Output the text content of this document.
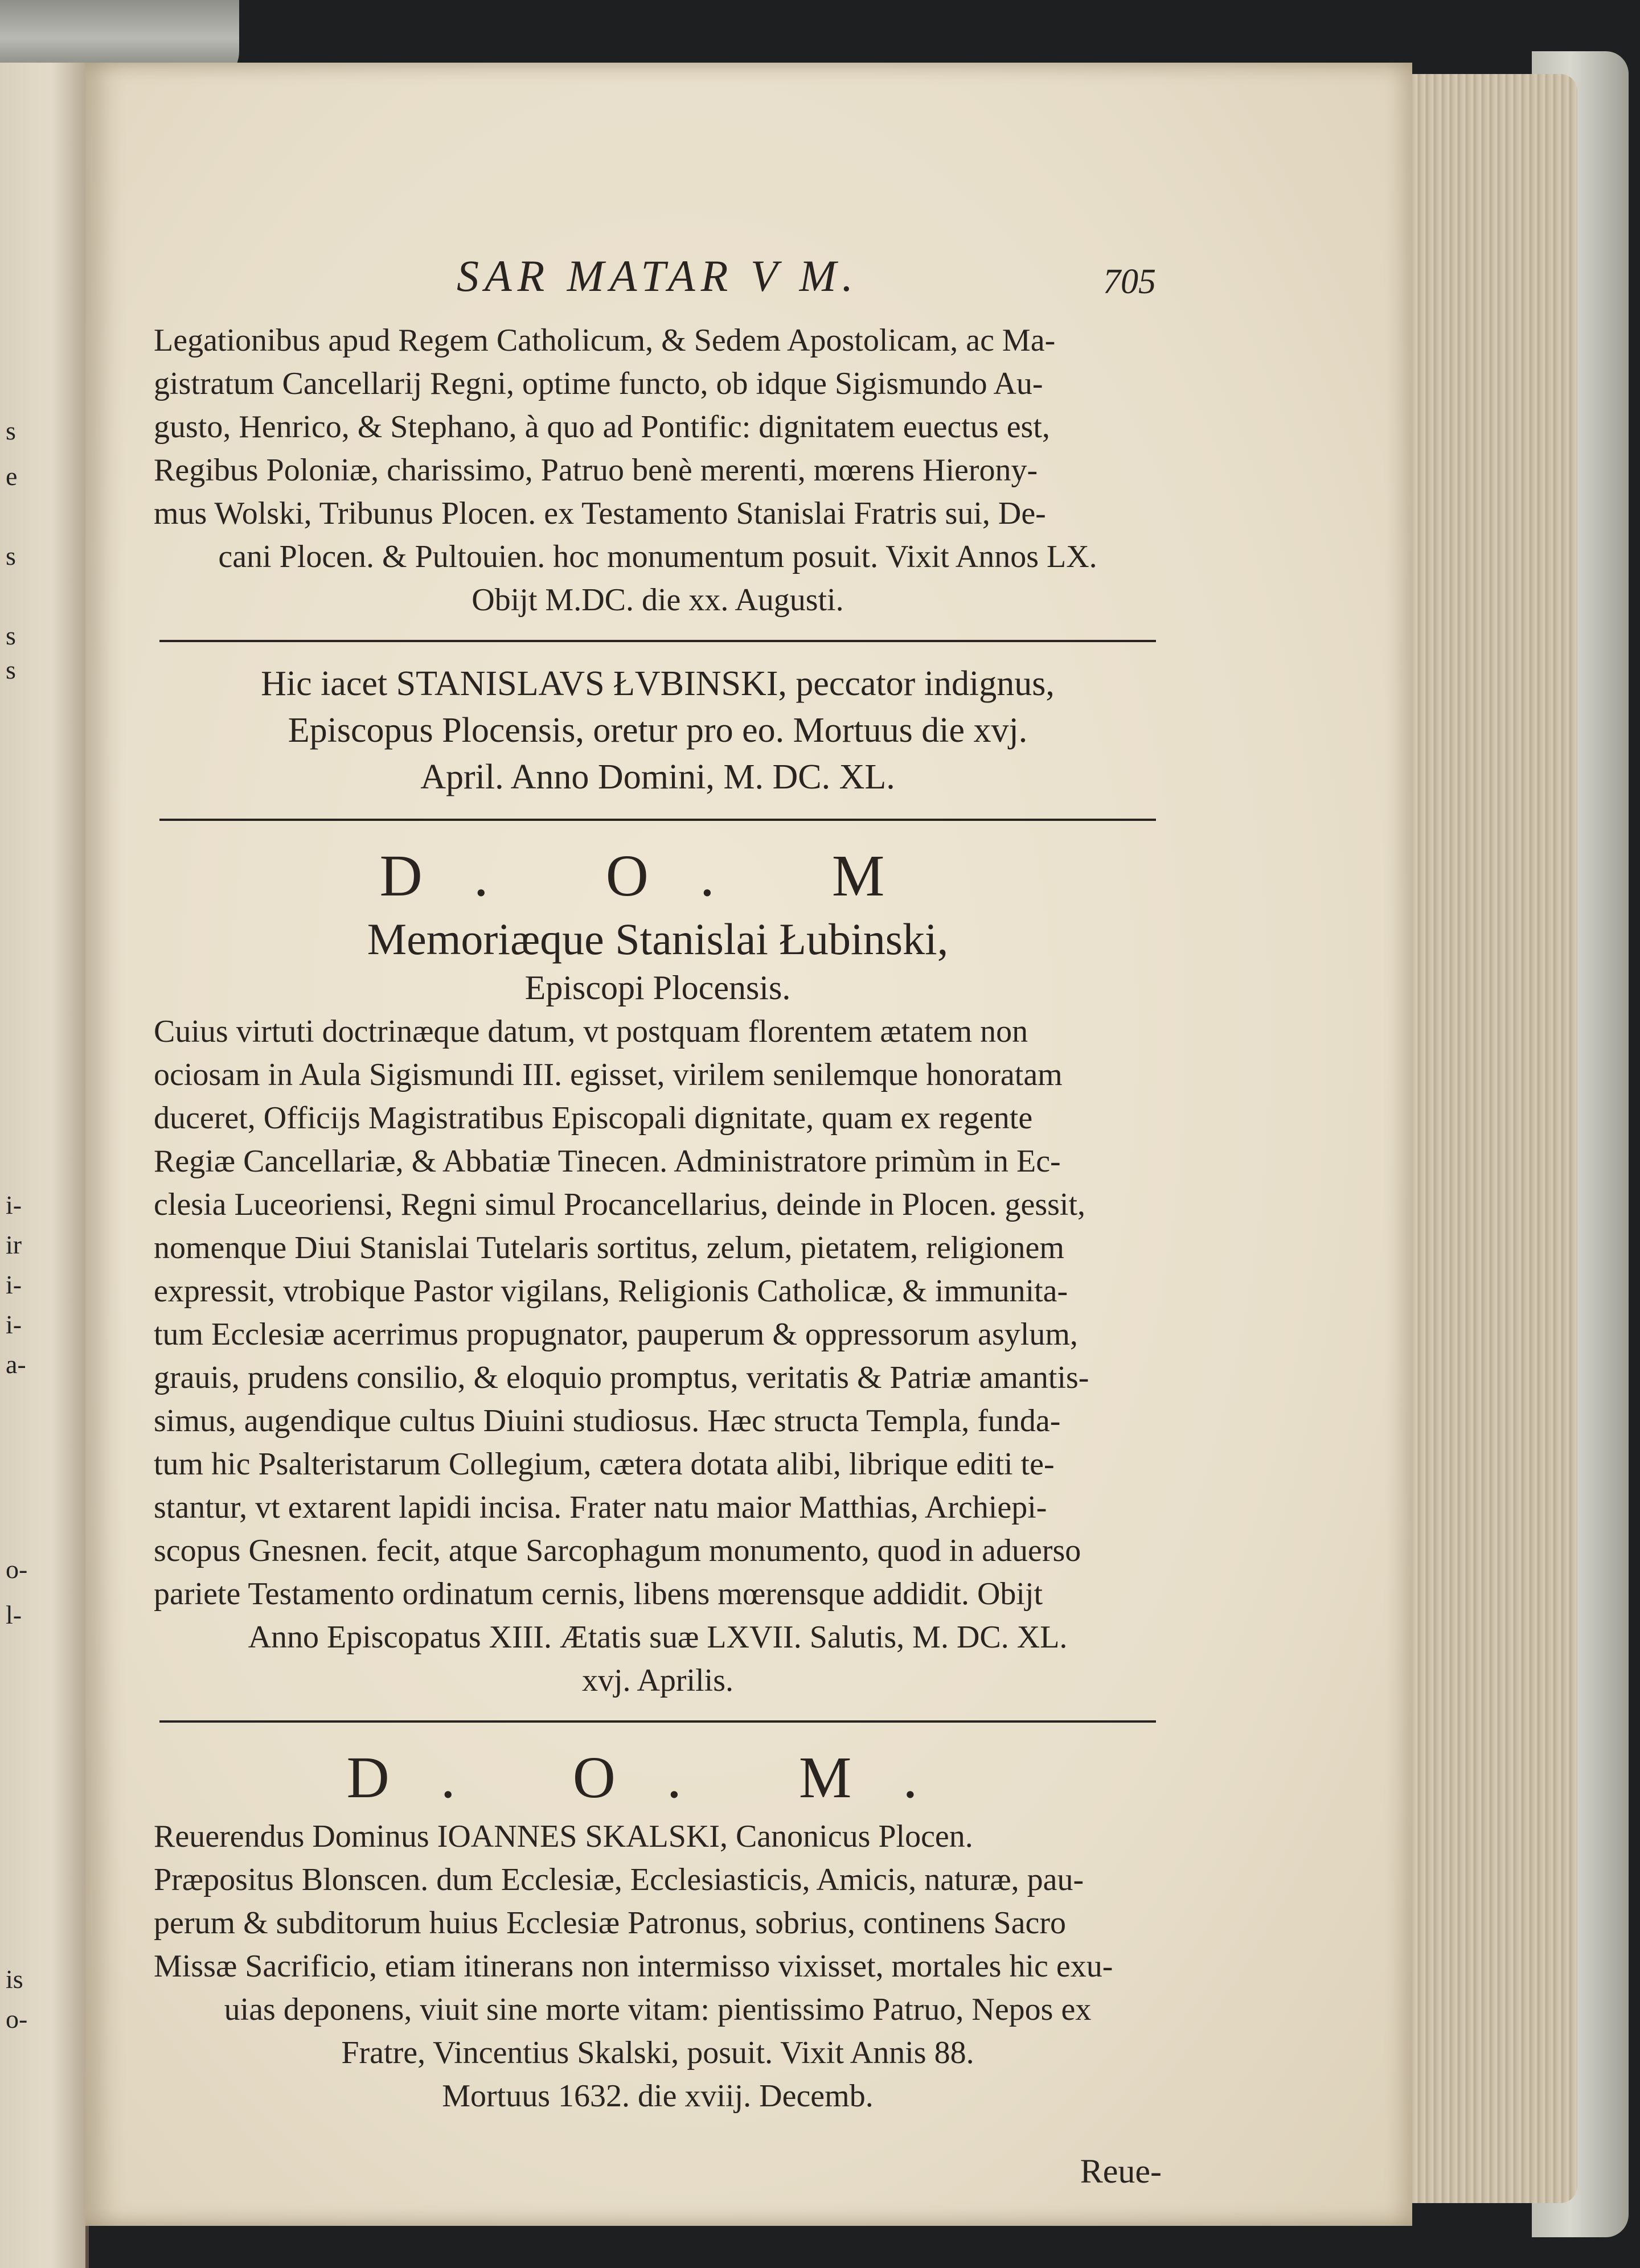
s
e
s
s
s
i-
ir
i-
i-
a-
o-
l-
is
o-
SAR MATAR V M.	705

Legationibus apud Regem Catholicum, & Sedem Apostolicam, ac Ma-

gistratum Cancellarij Regni, optime functo, ob idque Sigismundo Au-

gusto, Henrico, & Stephano, à quo ad Pontific: dignitatem euectus est,

Regibus Poloniæ, charissimo, Patruo benè merenti, mœrens Hierony-

mus Wolski, Tribunus Plocen. ex Testamento Stanislai Fratris sui, De-

cani Plocen. & Pultouien. hoc monumentum posuit. Vixit Annos LX.

Obijt M.DC. die xx. Augusti.

Hic iacet STANISLAVS ŁVBINSKI, peccator indignus,

Episcopus Plocensis, oretur pro eo. Mortuus die xvj.

April. Anno Domini, M. DC. XL.

D. O. M

Memoriæque Stanislai Łubinski,

Episcopi Plocensis.

Cuius virtuti doctrinæque datum, vt postquam florentem ætatem non

ociosam in Aula Sigismundi III. egisset, virilem senilemque honoratam

duceret, Officijs Magistratibus Episcopali dignitate, quam ex regente

Regiæ Cancellariæ, & Abbatiæ Tinecen. Administratore primùm in Ec-

clesia Luceoriensi, Regni simul Procancellarius, deinde in Plocen. gessit,

nomenque Diui Stanislai Tutelaris sortitus, zelum, pietatem, religionem

expressit, vtrobique Pastor vigilans, Religionis Catholicæ, & immunita-

tum Ecclesiæ acerrimus propugnator, pauperum & oppressorum asylum,

grauis, prudens consilio, & eloquio promptus, veritatis & Patriæ amantis-

simus, augendique cultus Diuini studiosus. Hæc structa Templa, funda-

tum hic Psalteristarum Collegium, cætera dotata alibi, librique editi te-

stantur, vt extarent lapidi incisa. Frater natu maior Matthias, Archiepi-

scopus Gnesnen. fecit, atque Sarcophagum monumento, quod in aduerso

pariete Testamento ordinatum cernis, libens mœrensque addidit. Obijt

Anno Episcopatus XIII. Ætatis suæ LXVII. Salutis, M. DC. XL.

xvj. Aprilis.

D. O. M.

Reuerendus Dominus IOANNES SKALSKI, Canonicus Plocen.

Præpositus Blonscen. dum Ecclesiæ, Ecclesiasticis, Amicis, naturæ, pau-

perum & subditorum huius Ecclesiæ Patronus, sobrius, continens Sacro

Missæ Sacrificio, etiam itinerans non intermisso vixisset, mortales hic exu-

uias deponens, viuit sine morte vitam: pientissimo Patruo, Nepos ex

Fratre, Vincentius Skalski, posuit. Vixit Annis 88.

Mortuus 1632. die xviij. Decemb.

Reue-
